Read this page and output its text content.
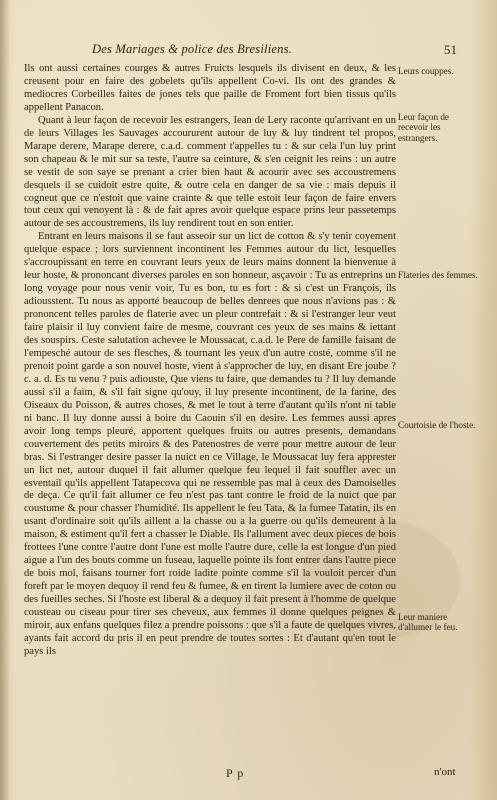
Des Mariages & police des Bresiliens.	51

Ils ont aussi certaines courges & autres Fruicts lesquels ils divisent en deux, & les creusent pour en faire des gobelets qu'ils appellent Co-vi. Ils ont des grandes & mediocres Corbeilles faites de jones tels que paille de Froment fort bien tissus qu'ils appellent Panacon.

Quant à leur façon de recevoir les estrangers, Iean de Lery raconte qu'arrivant en un de leurs Villages les Sauvages accoururent autour de luy & luy tindrent tel propos, Marape derere, Marape derere, c.a.d. comment t'appelles tu : & sur cela l'un luy print son chapeau & le mit sur sa teste, l'autre sa ceinture, & s'en ceignit les reins : un autre se vestit de son saye se prenant a crier bien haut & acourir avec ses accoustremens desquels il se cuidoit estre quite, & outre cela en danger de sa vie : mais depuis il cogneut que ce n'estoit que vaine crainte & que telle estoit leur façon de faire envers tout ceux qui venoyent là : & de fait apres avoir quelque espace prins leur passetemps autour de ses accoustremens, ils luy rendirent tout en son entier.

Entrant en leurs maisons il se faut asseoir sur un lict de cotton & s'y tenir coyement quelque espace ; lors surviennent incontinent les Femmes autour du lict, lesquelles s'accroupissant en terre en couvrant leurs yeux de leurs mains donnent la bienvenue à leur hoste, & prononcant diverses paroles en son honneur, asçavoir : Tu as entreprins un long voyage pour nous venir voir, Tu es bon, tu es fort : & si c'est un François, ils adiousstent. Tu nous as apporté beaucoup de belles denrees que nous n'avions pas : & prononcent telles paroles de flaterie avec un pleur contrefait : & si l'estranger leur veut faire plaisir il luy convient faire de mesme, couvrant ces yeux de ses mains & iettant des souspirs. Ceste salutation achevee le Moussacat, c.a.d. le Pere de famille faisant de l'empesché autour de ses flesches, & tournant les yeux d'un autre costé, comme s'il ne prenoit point garde a son nouvel hoste, vient à s'approcher de luy, en disant Ere joube ? c. a. d. Es tu venu ? puis adiouste, Que viens tu faire, que demandes tu ? Il luy demande aussi s'il a faim, & s'il fait signe qu'ouy, il luy presente incontinent, de la farine, des Oiseaux du Poisson, & autres choses, & met le tout à terre d'autant qu'ils n'ont ni table ni banc. Il luy donne aussi à boire du Caouin s'il en desire. Les femmes aussi apres avoir long temps pleuré, apportent quelques fruits ou autres presents, demandans couvertement des petits miroirs & des Patenostres de verre pour mettre autour de leur bras. Si l'estranger desire passer la nuict en ce Village, le Moussacat luy fera apprester un lict net, autour duquel il fait allumer quelque feu lequel il fait souffler avec un esventail qu'ils appellent Tatapecova qui ne ressemble pas mal à ceux des Damoiselles de deça. Ce qu'il fait allumer ce feu n'est pas tant contre le froid de la nuict que par coustume & pour chasser l'humidité. Ils appellent le feu Tata, & la fumee Tatatin, ils en usant d'ordinaire soit qu'ils aillent a la chasse ou a la guerre ou qu'ils demeurent à la maison, & estiment qu'il fert a chasser le Diable. Ils l'allument avec deux pieces de bois frottees l'une contre l'autre dont l'une est molle l'autre dure, celle la est longue d'un pied aigue a l'un des bouts comme un fuseau, laquelle pointe ils font entrer dans l'autre piece de bois mol, faisans tourner fort roide ladite pointe comme s'il la vouloit percer d'un foreft par le moyen dequoy il rend feu & fumee, & en tirent la lumiere avec de coton ou des fueilles seches. Si l'hoste est liberal & a dequoy il fait present à l'homme de quelque cousteau ou ciseau pour tirer ses cheveux, aux femmes il donne quelques peignes & miroir, aux enfans quelques filez a prendre poissons : que s'il a faute de quelques vivres, ayants fait accord du pris il en peut prendre de toutes sortes : Et d'autant qu'en tout le pays ils

Leurs couppes.
Leur façon de recevoir les estrangers.
Flateries des femmes.
Courtoisie de l'hoste.
Leur maniere d'allumer le feu.
P p	n'ont
